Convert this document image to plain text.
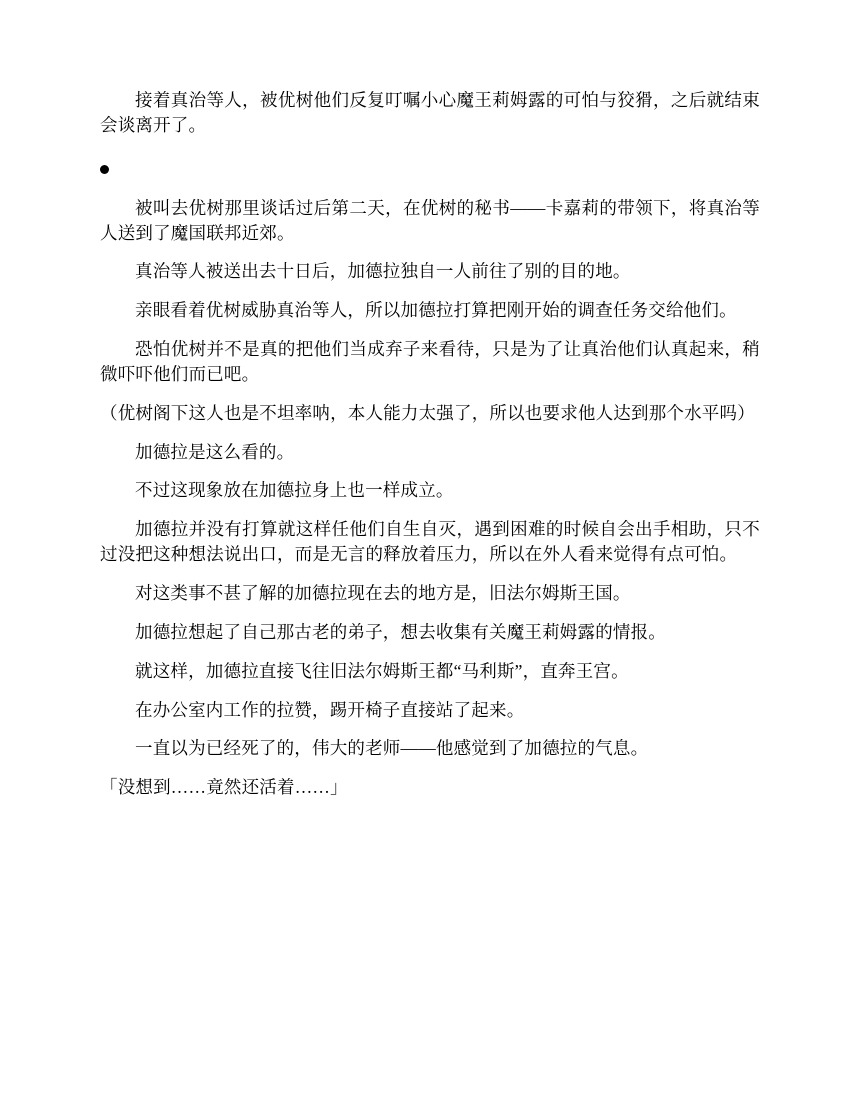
接着真治等人，被优树他们反复叮嘱小心魔王莉姆露的可怕与狡猾，之后就结束会谈离开了。

被叫去优树那里谈话过后第二天，在优树的秘书——卡嘉莉的带领下，将真治等人送到了魔国联邦近郊。

真治等人被送出去十日后，加德拉独自一人前往了别的目的地。

亲眼看着优树威胁真治等人，所以加德拉打算把刚开始的调查任务交给他们。

恐怕优树并不是真的把他们当成弃子来看待，只是为了让真治他们认真起来，稍微吓吓他们而已吧。

（优树阁下这人也是不坦率呐，本人能力太强了，所以也要求他人达到那个水平吗）

加德拉是这么看的。

不过这现象放在加德拉身上也一样成立。

加德拉并没有打算就这样任他们自生自灭，遇到困难的时候自会出手相助，只不过没把这种想法说出口，而是无言的释放着压力，所以在外人看来觉得有点可怕。

对这类事不甚了解的加德拉现在去的地方是，旧法尔姆斯王国。

加德拉想起了自己那古老的弟子，想去收集有关魔王莉姆露的情报。

就这样，加德拉直接飞往旧法尔姆斯王都“马利斯”，直奔王宫。

在办公室内工作的拉赞，踢开椅子直接站了起来。

一直以为已经死了的，伟大的老师——他感觉到了加德拉的气息。

「没想到……竟然还活着……」
